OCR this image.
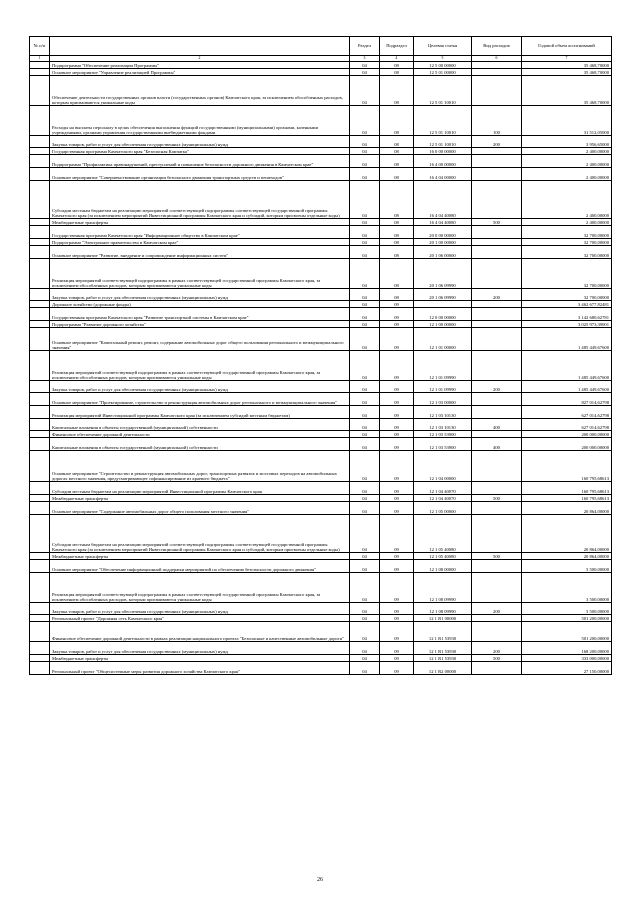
№ п/п		Раздел	Подраздел	Целевая статья	Вид расходов	Годовой объем ассигнований
1	2	3	4	5	6	7
	Подпрограмма "Обеспечение реализации Программы"	04	08	12 5 00 00000		35 468,70000
	Основное мероприятие "Управление реализацией Программы"	04	08	12 5 01 00000		35 468,70000
	Обеспечение деятельности государственных органов власти (государственных органов) Камчатского края, за исключением обособленных расходов, которым присваиваются уникальные коды	04	08	12 5 01 10010		35 468,70000
	Расходы на выплаты персоналу в целях обеспечения выполнения функций государственными (муниципальными) органами, казенными учреждениями, органами управления государственными внебюджетными фондами	04	08	12 5 01 10010	100	31 512,05000
	Закупка товаров, работ и услуг для обеспечения государственных (муниципальных) нужд	04	08	12 5 01 10010	200	3 956,65000
	Государственная программа Камчатского края "Безопасная Камчатка"	04	08	16 0 00 00000		2 400,00000
	Подпрограмма "Профилактика правонарушений, преступлений и повышение безопасности дорожного движения в Камчатском крае"	04	08	16 4 00 00000		2 400,00000
	Основное мероприятие "Совершенствование организации безопасного движения транспортных средств и пешеходов"	04	08	16 4 04 00000		2 400,00000
	Субсидии местным бюджетам на реализацию мероприятий соответствующей подпрограммы соответствующей государственной программы Камчатского края (за исключением мероприятий Инвестиционной программы Камчатского края и субсидий, которым присвоены отдельные коды)	04	08	16 4 04 40080		2 400,00000
	Межбюджетные трансферты	04	08	16 4 04 40080	500	2 400,00000
	Государственная программа Камчатского края "Информационное общество в Камчатском крае"	04	08	20 0 00 00000		32 700,00000
	Подпрограмма "Электронное правительство в Камчатском крае"	04	08	20 1 00 00000		32 700,00000
	Основное мероприятие "Развитие, внедрение и сопровождение информационных систем"	04	08	20 1 06 00000		32 700,00000
	Реализация мероприятий соответствующей подпрограммы в рамках соответствующей государственной программы Камчатского края, за исключением обособленных расходов, которым присваиваются уникальные коды	04	08	20 1 06 09990		32 700,00000
	Закупка товаров, работ и услуг для обеспечения государственных (муниципальных) нужд	04	08	20 1 06 09990	200	32 700,00000
	Дорожное хозяйство (дорожные фонды)	04	09			3 462 677,82481
	Государственная программа Камчатского края "Развитие транспортной системы в Камчатском крае"	04	09	12 0 00 00000		3 142 680,62781
	Подпрограмма "Развитие дорожного хозяйства"	04	09	12 1 00 00000		3 025 973,39001
	Основное мероприятие "Капитальный ремонт, ремонт, содержание автомобильных дорог общего пользования регионального и межмуниципального значения"	04	09	12 1 01 00000		1 485 449,67600
	Реализация мероприятий соответствующей подпрограммы в рамках соответствующей государственной программы Камчатского края, за исключением обособленных расходов, которым присваиваются уникальные коды	04	09	12 1 01 09990		1 485 449,67600
	Закупка товаров, работ и услуг для обеспечения государственных (муниципальных) нужд	04	09	12 1 01 09990	200	1 485 449,67600
	Основное мероприятие "Проектирование, строительство и реконструкция автомобильных дорог регионального и межмуниципального значения"	04	09	12 1 03 00000		827 014,62798
	Реализация мероприятий Инвестиционной программы Камчатского края (за исключением субсидий местным бюджетам)	04	09	12 1 03 10130		627 014,62798
	Капитальные вложения в объекты государственной (муниципальной) собственности	04	09	12 1 03 10130	400	627 014,62798
	Финансовое обеспечение дорожной деятельности	04	09	12 1 03 53900		200 000,00000
	Капитальные вложения в объекты государственной (муниципальной) собственности	04	09	12 1 03 53900	400	200 000,00000
	Основное мероприятие "Строительство и реконструкция автомобильных дорог, транспортных развязок и мостовых переходов на автомобильных дорогах местного значения, предусматривающее софинансирование из краевого бюджета"	04	09	12 1 04 00000		160 795,68613
	Субсидии местным бюджетам на реализацию мероприятий Инвестиционной программы Камчатского края	04	09	12 1 04 40070		160 795,68613
	Межбюджетные трансферты	04	09	12 1 04 40070	500	160 795,68613
	Основное мероприятие "Содержание автомобильных дорог общего пользования местного значения"	04	09	12 1 05 00000		20 864,00000
	Субсидии местным бюджетам на реализацию мероприятий соответствующей подпрограммы соответствующей государственной программы Камчатского края (за исключением мероприятий Инвестиционной программы Камчатского края и субсидий, которым присвоены отдельные коды)	04	09	12 1 05 40080		20 864,00000
	Межбюджетные трансферты	04	09	12 1 05 40080	500	20 864,00000
	Основное мероприятие "Обеспечение информационной поддержки мероприятий по обеспечению безопасности дорожного движения"	04	09	12 1 08 00000		3 500,00000
	Реализация мероприятий соответствующей подпрограммы в рамках соответствующей государственной программы Камчатского края, за исключением обособленных расходов, которым присваиваются уникальные коды	04	09	12 1 08 09990		3 500,00000
	Закупка товаров, работ и услуг для обеспечения государственных (муниципальных) нужд	04	09	12 1 08 09990	200	3 500,00000
	Региональный проект "Дорожная сеть Камчатского края"	04	09	12 1 R1 00000		501 200,00000
	Финансовое обеспечение дорожной деятельности в рамках реализации национального проекта "Безопасные и качественные автомобильные дороги"	04	09	12 1 R1 53930		501 200,00000
	Закупка товаров, работ и услуг для обеспечения государственных (муниципальных) нужд	04	09	12 1 R1 53930	200	168 200,00000
	Межбюджетные трансферты	04	09	12 1 R1 53930	500	333 000,00000
	Региональный проект "Общесистемные меры развития дорожного хозяйства Камчатского края"	04	09	12 1 R2 00000		27 150,00000
26
